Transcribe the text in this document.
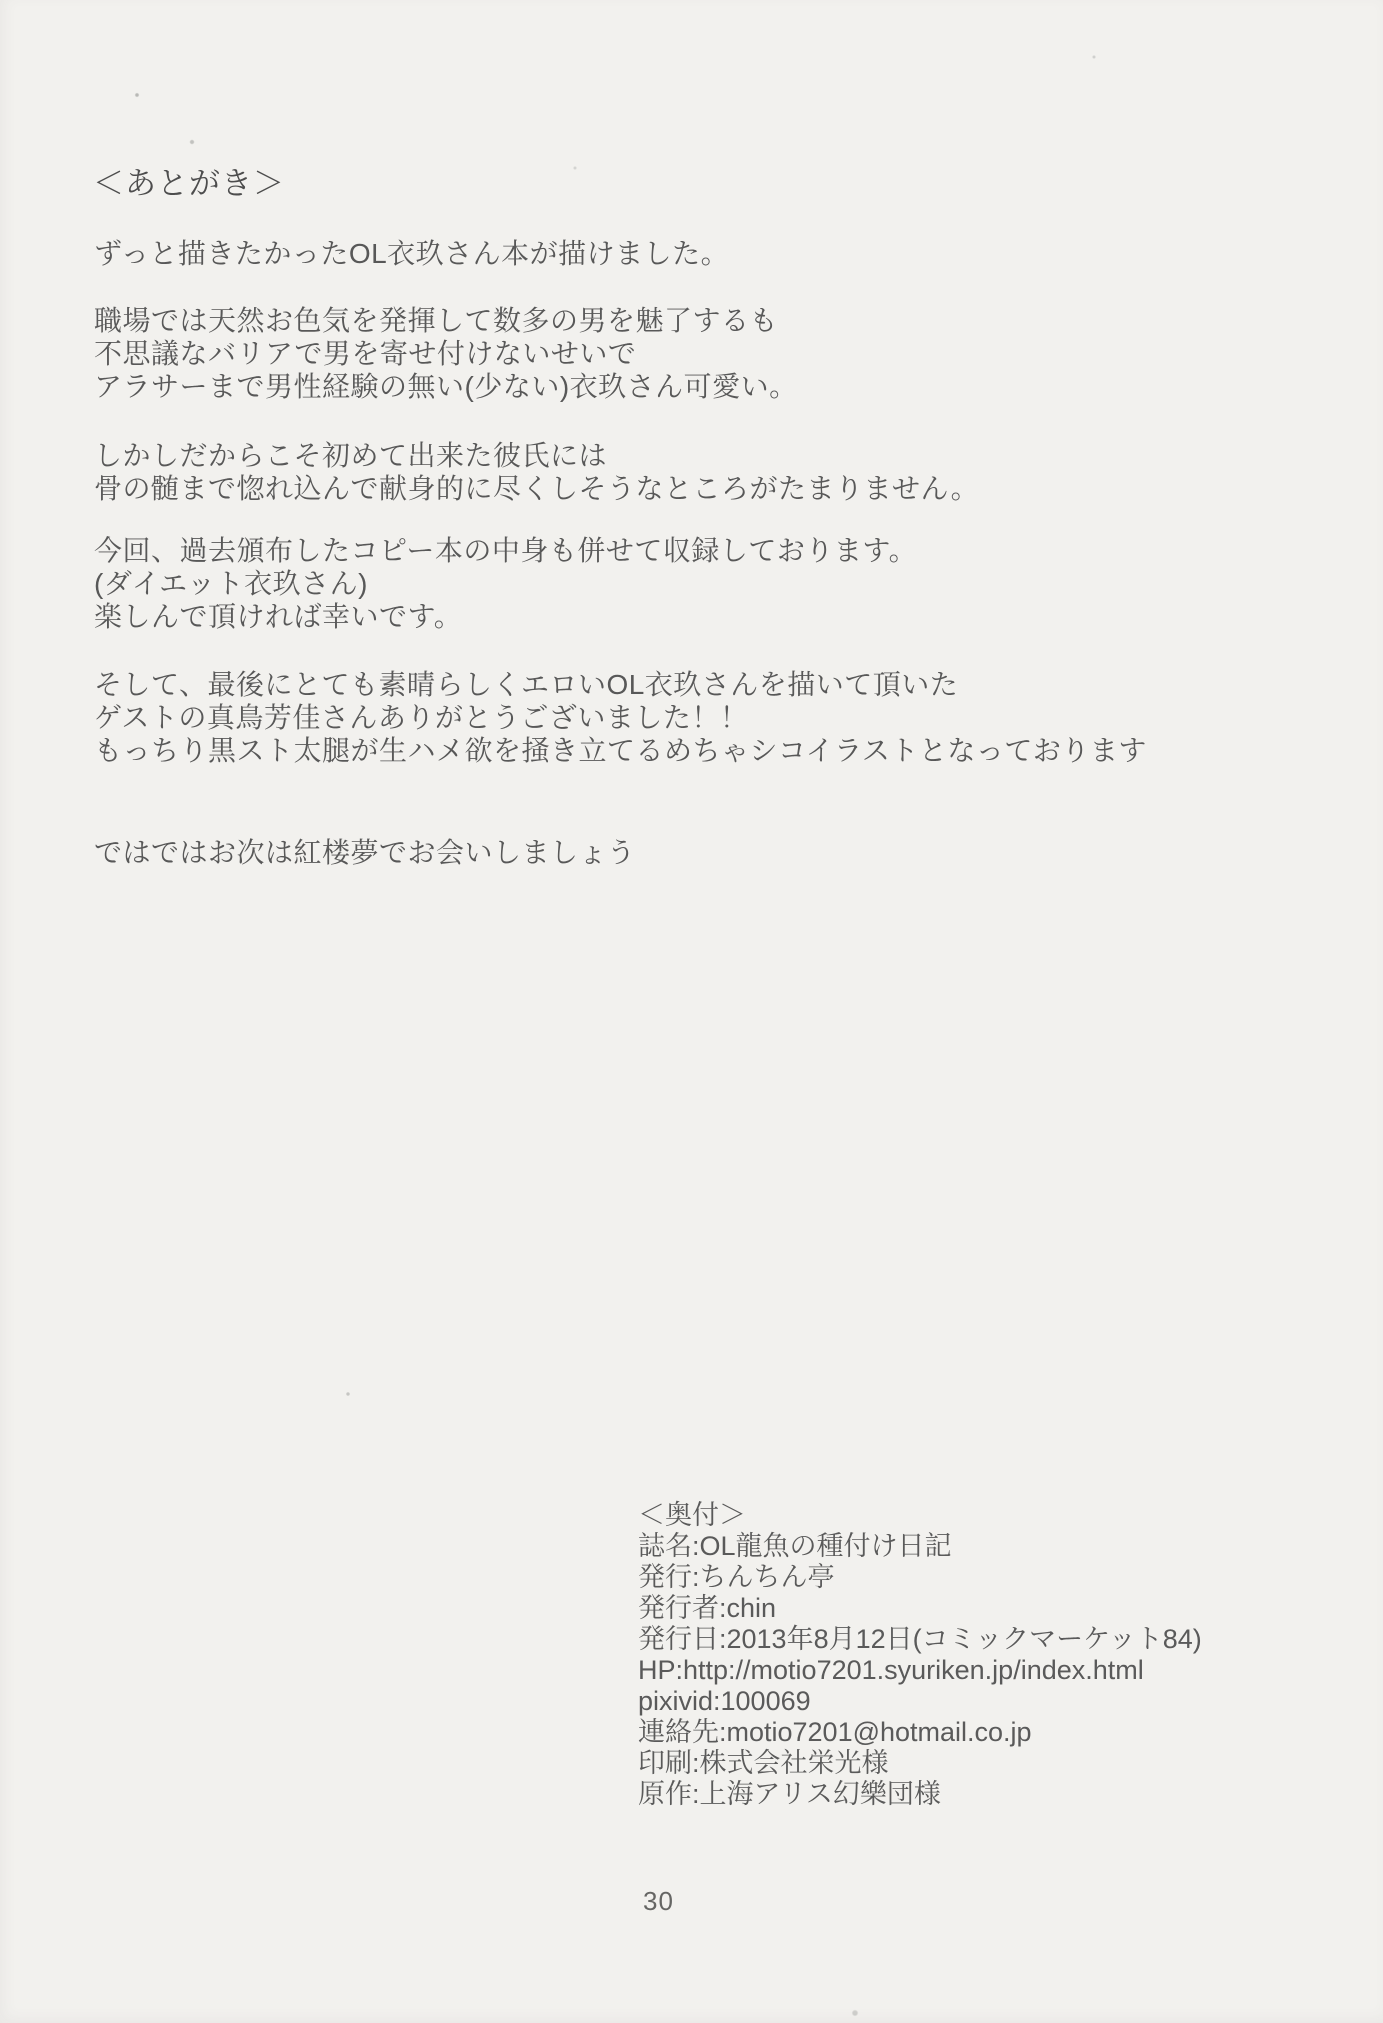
＜あとがき＞
ずっと描きたかったOL衣玖さん本が描けました。
職場では天然お色気を発揮して数多の男を魅了するも
不思議なバリアで男を寄せ付けないせいで
アラサーまで男性経験の無い(少ない)衣玖さん可愛い。
しかしだからこそ初めて出来た彼氏には
骨の髄まで惚れ込んで献身的に尽くしそうなところがたまりません。
今回、過去頒布したコピー本の中身も併せて収録しております。
(ダイエット衣玖さん)
楽しんで頂ければ幸いです。
そして、最後にとても素晴らしくエロいOL衣玖さんを描いて頂いた
ゲストの真鳥芳佳さんありがとうございました！！
もっちり黒スト太腿が生ハメ欲を掻き立てるめちゃシコイラストとなっております
ではではお次は紅楼夢でお会いしましょう
＜奥付＞
誌名:OL龍魚の種付け日記
発行:ちんちん亭
発行者:chin
発行日:2013年8月12日(コミックマーケット84)
HP:http://motio7201.syuriken.jp/index.html
pixivid:100069
連絡先:motio7201@hotmail.co.jp
印刷:株式会社栄光様
原作:上海アリス幻樂団様
30
